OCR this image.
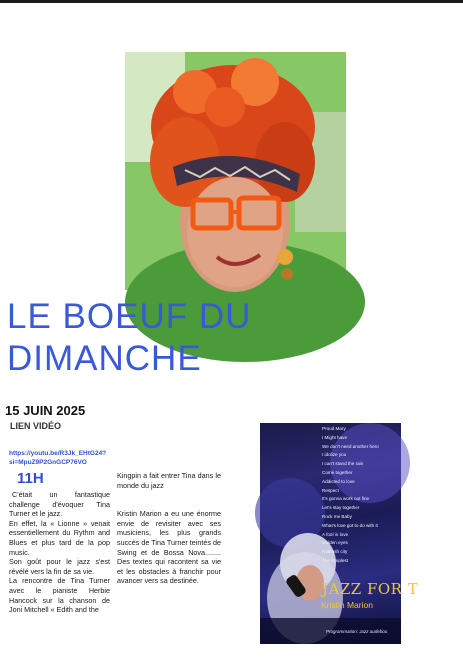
LE BOEUF DU
DIMANCHE
15 JUIN 2025
LIEN VIDÉO
https://youtu.be/R3Jk_EHtG24?
si=MpuZ9P2GnGCP76VO
11H

C'était un fantastique challenge d'évoquer Tina Turner et le jazz.

En effet, la « Lionne » venait essentiellement du Rythm and Blues et plus tard de la pop music.

Son goût pour le jazz s'est révélé vers la fin de sa vie.

La rencontre de Tina Turner avec le pianiste Herbie Hancock sur la chanson de Joni Mitchell « Edith and the

Kingpin a fait entrer Tina dans le monde du jazz

Kristin Marion a eu une énorme envie de revisiter avec ses musiciens, les plus grands succès de Tina Turner teintés de Swing et de Bossa Nova........ Des textes qui racontent sa vie et les obstacles à franchir pour avancer vers sa destinée.

Proud Mary
I Might have
We don't need another hero
I idolize you
I can't stand the rain
Come together
Addicted to love
Respect
It's gonna work out fine
Let's stay together
Rock me Baby
What's love got to do with it
A fool in love
Golden eyes
Nutbush city
The simplest
JAZZ FOR T
Kristin Marion
Programmation: Jazz audebou
